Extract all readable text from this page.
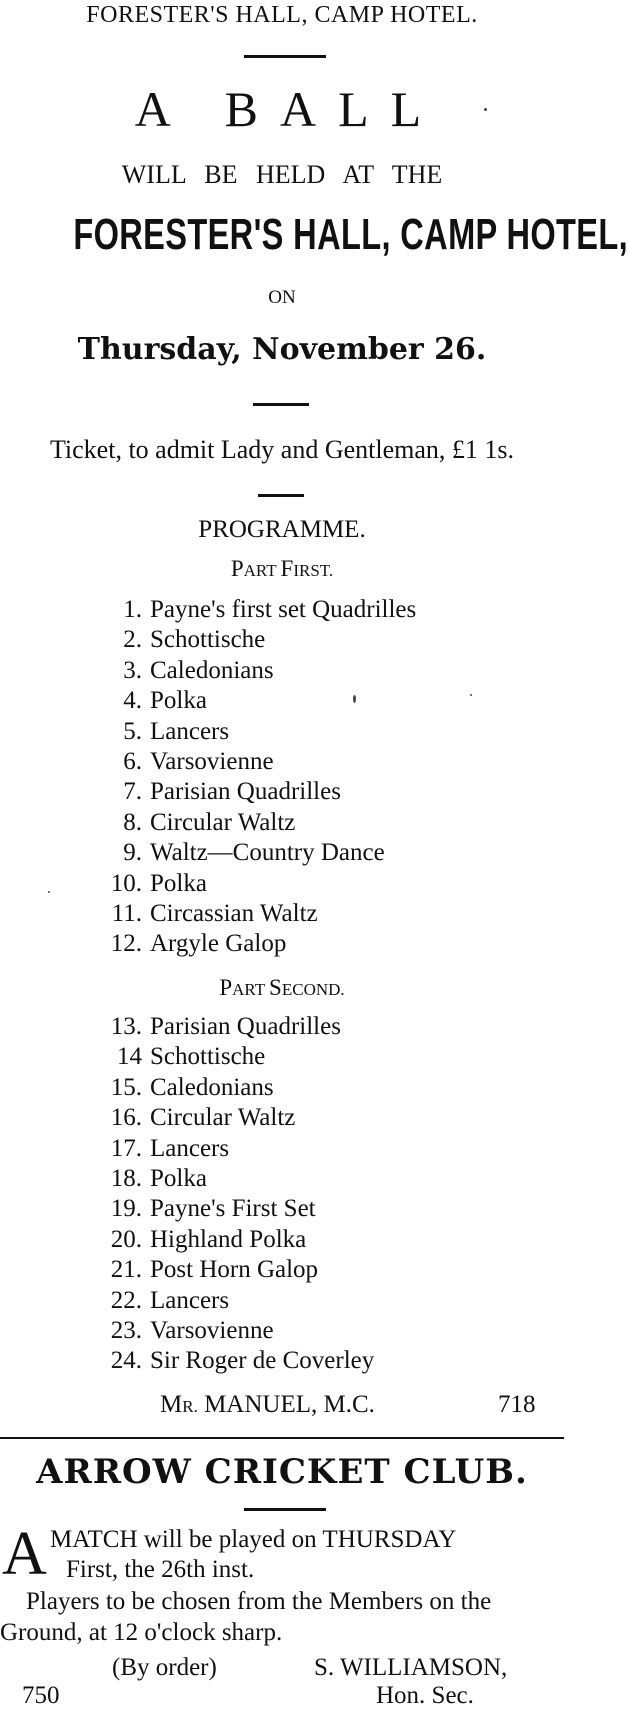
FORESTER'S HALL, CAMP HOTEL.
A BALL
WILL BE HELD AT THE
FORESTER'S HALL, CAMP HOTEL,
ON
Thursday, November 26.
Ticket, to admit Lady and Gentleman, £1 1s.
PROGRAMME.
PART FIRST.
PART SECOND.
1. Payne's first set Quadrilles
2. Schottische
3. Caledonians
4. Polka
5. Lancers
6. Varsovienne
7. Parisian Quadrilles
8. Circular Waltz
9. Waltz—Country Dance
10. Polka
11. Circassian Waltz
12. Argyle Galop
13. Parisian Quadrilles
14 Schottische
15. Caledonians
16. Circular Waltz
17. Lancers
18. Polka
19. Payne's First Set
20. Highland Polka
21. Post Horn Galop
22. Lancers
23. Varsovienne
24. Sir Roger de Coverley
MR. MANUEL, M.C.	718
ARROW CRICKET CLUB.
A MATCH will be played on THURSDAY
First, the 26th inst.
Players to be chosen from the Members on the
Ground, at 12 o'clock sharp.
(By order)	S. WILLIAMSON,
750	Hon. Sec.
